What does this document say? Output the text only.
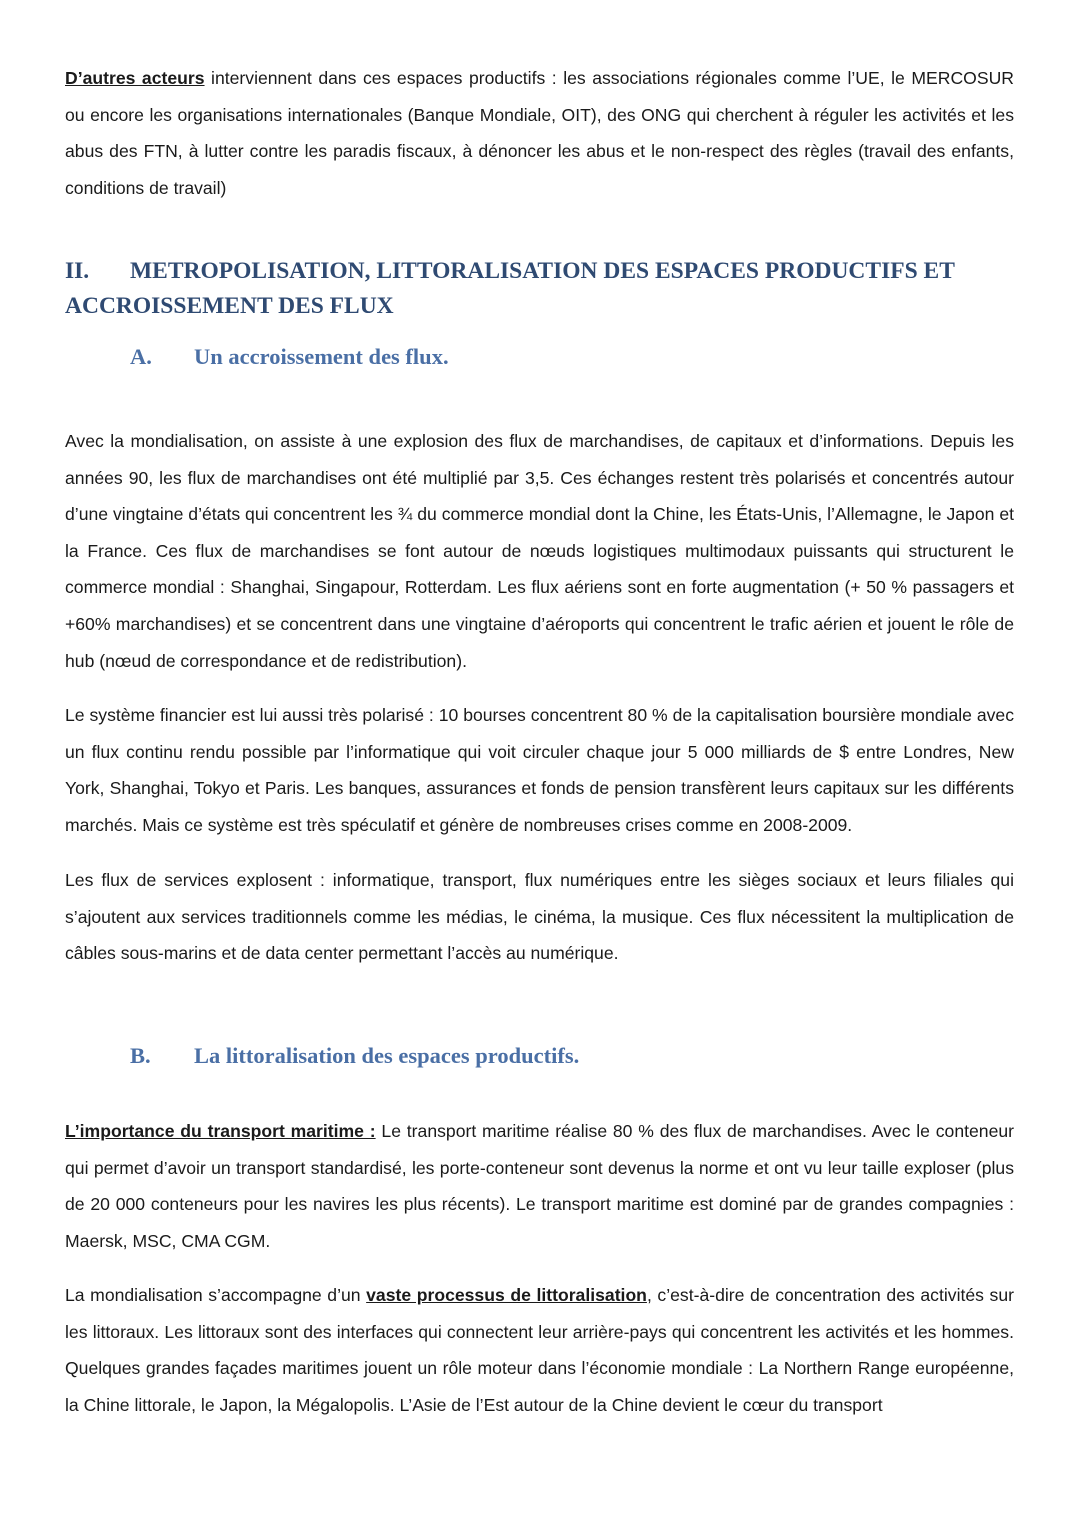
D’autres acteurs interviennent dans ces espaces productifs : les associations régionales comme l’UE, le MERCOSUR ou encore les organisations internationales (Banque Mondiale, OIT), des ONG qui cherchent à réguler les activités et les abus des FTN, à lutter contre les paradis fiscaux, à dénoncer les abus et le non-respect des règles (travail des enfants, conditions de travail)

II. METROPOLISATION, LITTORALISATION DES ESPACES PRODUCTIFS ET
ACCROISSEMENT DES FLUX
A. Un accroissement des flux.

Avec la mondialisation, on assiste à une explosion des flux de marchandises, de capitaux et d’informations. Depuis les années 90, les flux de marchandises ont été multiplié par 3,5. Ces échanges restent très polarisés et concentrés autour d’une vingtaine d’états qui concentrent les ¾ du commerce mondial dont la Chine, les États-Unis, l’Allemagne, le Japon et la France. Ces flux de marchandises se font autour de nœuds logistiques multimodaux puissants qui structurent le commerce mondial : Shanghai, Singapour, Rotterdam. Les flux aériens sont en forte augmentation (+ 50 % passagers et +60% marchandises) et se concentrent dans une vingtaine d’aéroports qui concentrent le trafic aérien et jouent le rôle de hub (nœud de correspondance et de redistribution).

Le système financier est lui aussi très polarisé : 10 bourses concentrent 80 % de la capitalisation boursière mondiale avec un flux continu rendu possible par l’informatique qui voit circuler chaque jour 5 000 milliards de $ entre Londres, New York, Shanghai, Tokyo et Paris. Les banques, assurances et fonds de pension transfèrent leurs capitaux sur les différents marchés. Mais ce système est très spéculatif et génère de nombreuses crises comme en 2008-2009.

Les flux de services explosent : informatique, transport, flux numériques entre les sièges sociaux et leurs filiales qui s’ajoutent aux services traditionnels comme les médias, le cinéma, la musique. Ces flux nécessitent la multiplication de câbles sous-marins et de data center permettant l’accès au numérique.

B. La littoralisation des espaces productifs.

L’importance du transport maritime : Le transport maritime réalise 80 % des flux de marchandises. Avec le conteneur qui permet d’avoir un transport standardisé, les porte-conteneur sont devenus la norme et ont vu leur taille exploser (plus de 20 000 conteneurs pour les navires les plus récents). Le transport maritime est dominé par de grandes compagnies : Maersk, MSC, CMA CGM.

La mondialisation s’accompagne d’un vaste processus de littoralisation, c’est-à-dire de concentration des activités sur les littoraux. Les littoraux sont des interfaces qui connectent leur arrière-pays qui concentrent les activités et les hommes. Quelques grandes façades maritimes jouent un rôle moteur dans l’économie mondiale : La Northern Range européenne, la Chine littorale, le Japon, la Mégalopolis. L’Asie de l’Est autour de la Chine devient le cœur du transport
